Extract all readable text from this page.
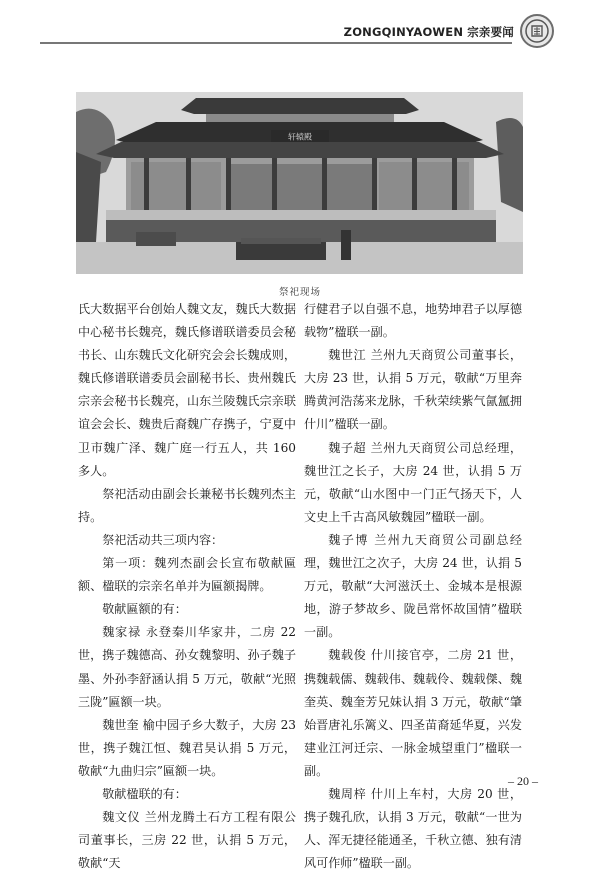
ZONGQINYAOWEN 宗亲要闻
轩辕殿
祭祀现场

氏大数据平台创始人魏文友，魏氏大数据中心秘书长魏亮，魏氏修谱联谱委员会秘书长、山东魏氏文化研究会会长魏成则，魏氏修谱联谱委员会副秘书长、贵州魏氏宗亲会秘书长魏亮，山东兰陵魏氏宗亲联谊会会长、魏贵后裔魏广存携子，宁夏中卫市魏广泽、魏广庭一行五人，共 160 多人。

祭祀活动由副会长兼秘书长魏列杰主持。

祭祀活动共三项内容：

第一项：魏列杰副会长宣布敬献匾额、楹联的宗亲名单并为匾额揭牌。

敬献匾额的有：

魏家禄 永登秦川华家井，二房 22 世，携子魏德高、孙女魏黎明、孙子魏子墨、外孙李舒涵认捐 5 万元，敬献“光照三陇”匾额一块。

魏世奎 榆中园子乡大数子，大房 23 世，携子魏江恒、魏君昊认捐 5 万元，敬献“九曲归宗”匾额一块。

敬献楹联的有：

魏文仪 兰州龙腾土石方工程有限公司董事长，三房 22 世，认捐 5 万元，敬献“天

行健君子以自强不息，地势坤君子以厚德载物”楹联一副。

魏世江 兰州九天商贸公司董事长，大房 23 世，认捐 5 万元，敬献“万里奔腾黄河浩荡来龙脉，千秋荣续紫气氤氲拥什川”楹联一副。

魏子超 兰州九天商贸公司总经理，魏世江之长子，大房 24 世，认捐 5 万元，敬献“山水图中一门正气扬天下，人文史上千古高风敏魏园”楹联一副。

魏子博 兰州九天商贸公司副总经理，魏世江之次子，大房 24 世，认捐 5 万元，敬献“大河滋沃土、金城本是根源地，游子梦故乡、陇邑常怀故国情”楹联一副。

魏载俊 什川接官亭，二房 21 世，携魏载儒、魏载伟、魏载伶、魏载傑、魏奎英、魏奎芳兄妹认捐 3 万元，敬献“肇始晋唐礼乐篱义、四圣苗裔延华夏，兴发建业江河迁宗、一脉金城望重门”楹联一副。

魏周梓 什川上车村，大房 20 世，携子魏孔欣，认捐 3 万元，敬献“一世为人、浑无捷径能通圣，千秋立德、独有清风可作师”楹联一副。

– 20 –
